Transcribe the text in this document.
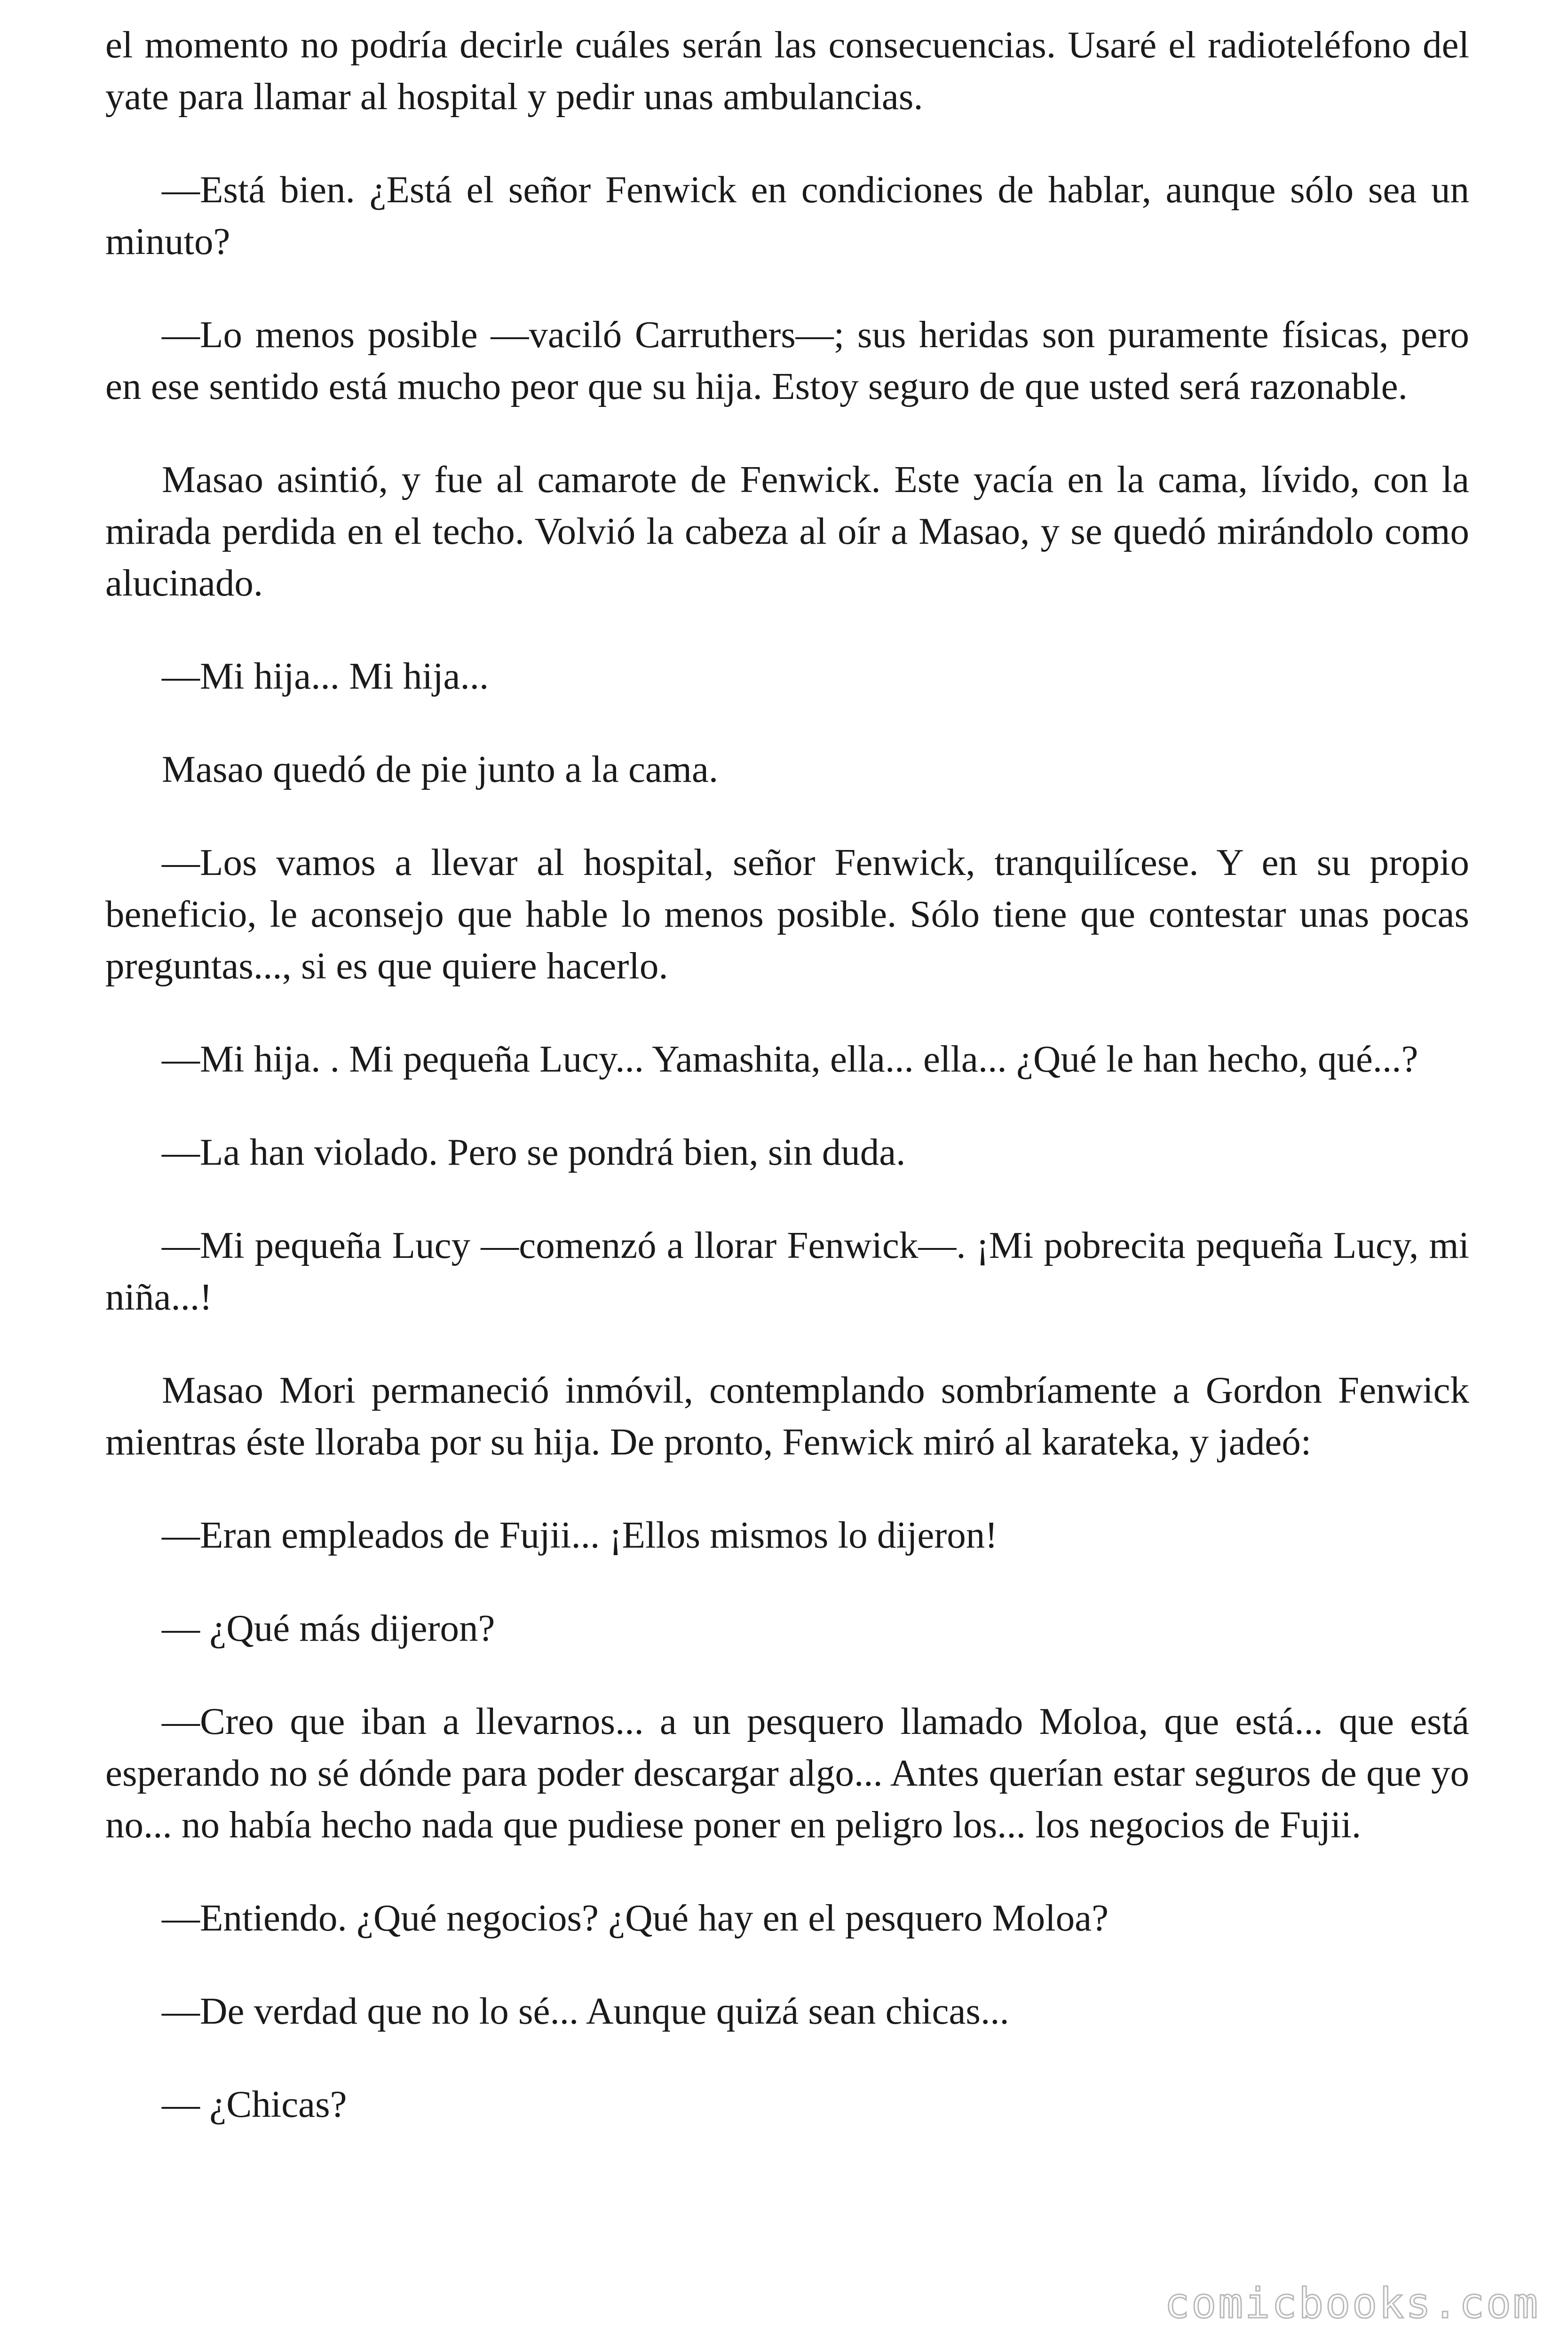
el momento no podría decirle cuáles serán las consecuencias. Usaré el radioteléfono del yate para llamar al hospital y pedir unas ambulancias.

—Está bien. ¿Está el señor Fenwick en condiciones de hablar, aunque sólo sea un minuto?

—Lo menos posible —vaciló Carruthers—; sus heridas son puramente físicas, pero en ese sentido está mucho peor que su hija. Estoy seguro de que usted será razonable.

Masao asintió, y fue al camarote de Fenwick. Este yacía en la cama, lívido, con la mirada perdida en el techo. Volvió la cabeza al oír a Masao, y se quedó mirándolo como alucinado.

—Mi hija... Mi hija...

Masao quedó de pie junto a la cama.

—Los vamos a llevar al hospital, señor Fenwick, tranquilícese. Y en su propio beneficio, le aconsejo que hable lo menos posible. Sólo tiene que contestar unas pocas preguntas..., si es que quiere hacerlo.

—Mi hija. . Mi pequeña Lucy... Yamashita, ella... ella... ¿Qué le han hecho, qué...?

—La han violado. Pero se pondrá bien, sin duda.

—Mi pequeña Lucy —comenzó a llorar Fenwick—. ¡Mi pobrecita pequeña Lucy, mi niña...!

Masao Mori permaneció inmóvil, contemplando sombríamente a Gordon Fenwick mientras éste lloraba por su hija. De pronto, Fenwick miró al karateka, y jadeó:

—Eran empleados de Fujii... ¡Ellos mismos lo dijeron!

— ¿Qué más dijeron?

—Creo que iban a llevarnos... a un pesquero llamado Moloa, que está... que está esperando no sé dónde para poder descargar algo... Antes querían estar seguros de que yo no... no había hecho nada que pudiese poner en peligro los... los negocios de Fujii.

—Entiendo. ¿Qué negocios? ¿Qué hay en el pesquero Moloa?

—De verdad que no lo sé... Aunque quizá sean chicas...

— ¿Chicas?

comicbooks.com
